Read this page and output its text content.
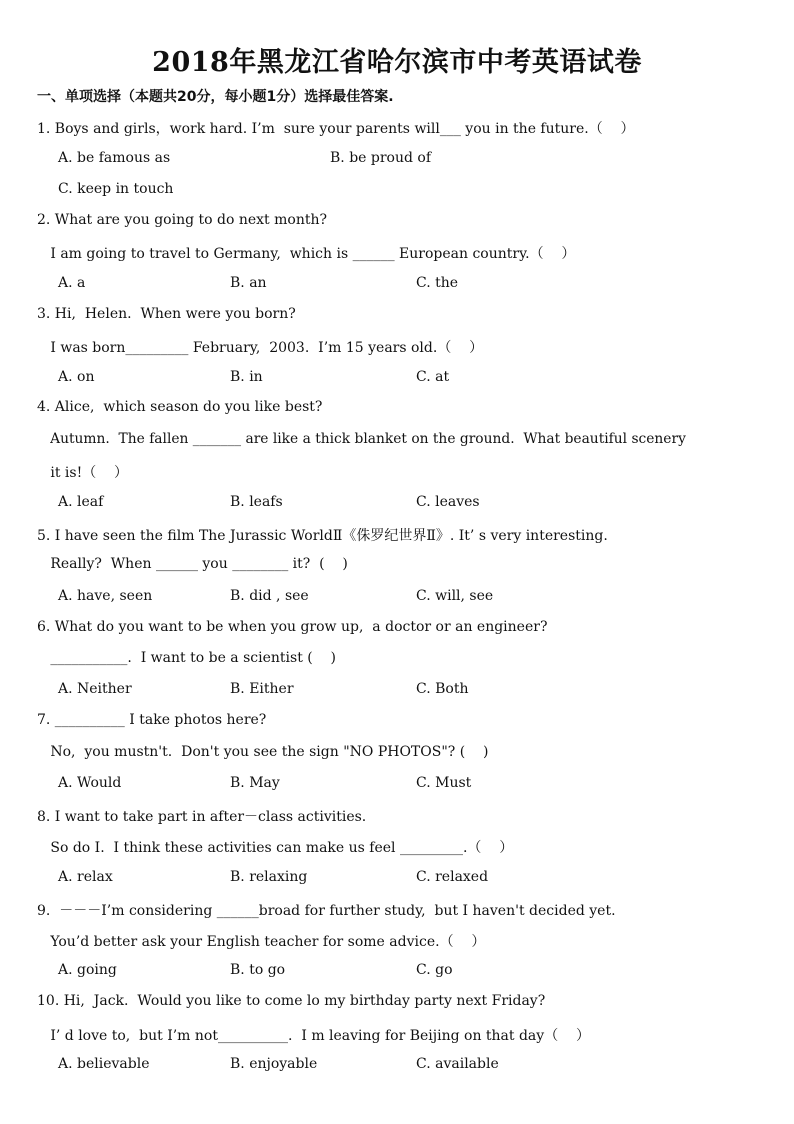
2018年黑龙江省哈尔滨市中考英语试卷
一、单项选择（本题共20分，每小题1分）选择最佳答案.
1. Boys and girls，work hard. I’m  sure your parents will___ you in the future.（    ）
A. be famous as	B. be proud of
C. keep in touch
2. What are you going to do next month?
I am going to travel to Germany,  which is ______ European country.（    ）
A. a	B. an	C. the
3. Hi,  Helen.  When were you born?
I was born_________ February,  2003.  I’m 15 years old.（    ）
A. on	B. in	C. at
4. Alice,  which season do you like best?
Autumn.  The fallen _______ are like a thick blanket on the ground.  What beautiful scenery
it is!（    ）
A. leaf	B. leafs	C. leaves
5. I have seen the film The Jurassic WorldⅡ《侏罗纪世界Ⅱ》. It’ s very interesting.
Really?  When ______ you ________ it?  (    )
A. have, seen	B. did , see	C. will, see
6. What do you want to be when you grow up,  a doctor or an engineer?
___________.  I want to be a scientist (    )
A. Neither	B. Either	C. Both
7. __________ I take photos here?
No,  you mustn't.  Don't you see the sign "NO PHOTOS"? (    )
A. Would	B. May	C. Must
8. I want to take part in after－class activities.
So do I.  I think these activities can make us feel _________.（    ）
A. relax	B. relaxing	C. relaxed
9.  －－－I’m considering ______broad for further study,  but I haven't decided yet.
You’d better ask your English teacher for some advice.（    ）
A. going	B. to go	C. go
10. Hi,  Jack.  Would you like to come lo my birthday party next Friday?
I’ d love to,  but I’m not__________.  I m leaving for Beijing on that day（    ）
A. believable	B. enjoyable	C. available
